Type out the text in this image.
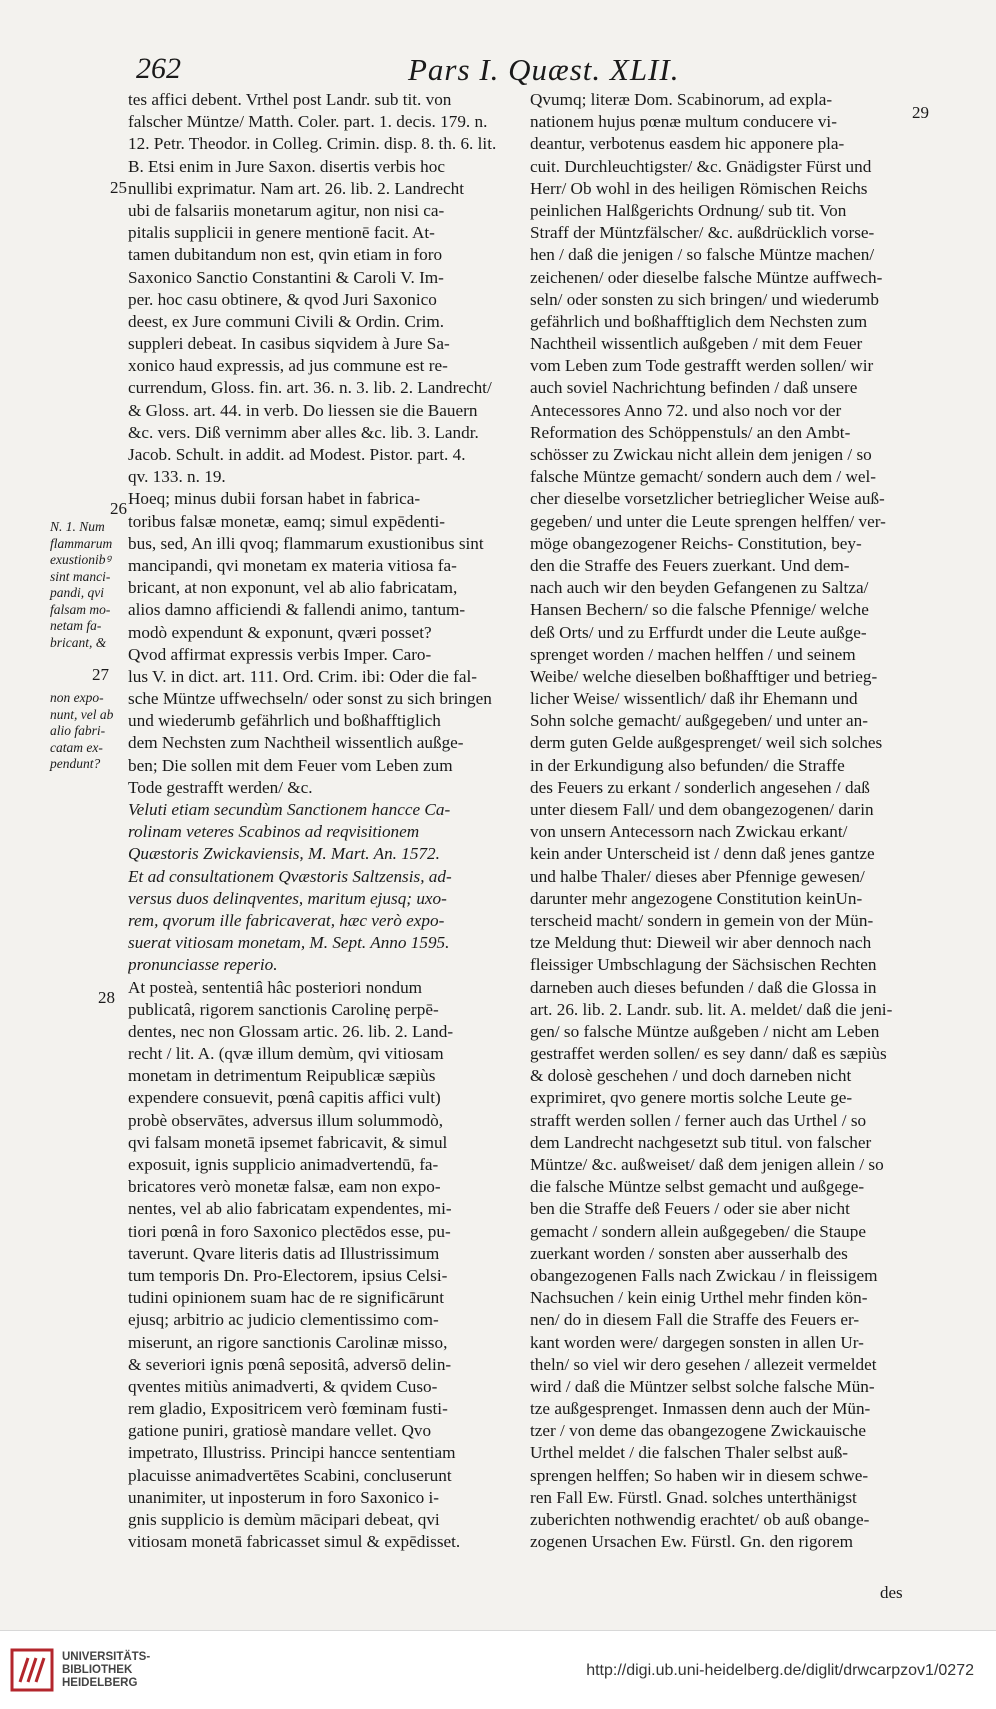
262	Pars I. Quæst. XLII.
tes affici debent. Vrthel post Landr. sub tit. von
falscher Müntze/ Matth. Coler. part. 1. decis. 179. n.
12. Petr. Theodor. in Colleg. Crimin. disp. 8. th. 6. lit.
B. Etsi enim in Jure Saxon. disertis verbis hoc
nullibi exprimatur. Nam art. 26. lib. 2. Landrecht
ubi de falsariis monetarum agitur, non nisi ca-
pitalis supplicii in genere mentionē facit. At-
tamen dubitandum non est, qvin etiam in foro
Saxonico Sanctio Constantini & Caroli V. Im-
per. hoc casu obtinere, & qvod Juri Saxonico
deest, ex Jure communi Civili & Ordin. Crim.
suppleri debeat. In casibus siqvidem à Jure Sa-
xonico haud expressis, ad jus commune est re-
currendum, Gloss. fin. art. 36. n. 3. lib. 2. Landrecht/
& Gloss. art. 44. in verb. Do liessen sie die Bauern
&c. vers. Diß vernimm aber alles &c. lib. 3. Landr.
Jacob. Schult. in addit. ad Modest. Pistor. part. 4.
qv. 133. n. 19.
Hoeq; minus dubii forsan habet in fabrica-
toribus falsæ monetæ, eamq; simul expēdenti-
bus, sed, An illi qvoq; flammarum exustionibus sint
mancipandi, qvi monetam ex materia vitiosa fa-
bricant, at non exponunt, vel ab alio fabricatam,
alios damno afficiendi & fallendi animo, tantum-
modò expendunt & exponunt, qværi posset?
Qvod affirmat expressis verbis Imper. Caro-
lus V. in dict. art. 111. Ord. Crim. ibi: Oder die fal-
sche Müntze uffwechseln/ oder sonst zu sich bringen
und wiederumb gefährlich und boßhafftiglich
dem Nechsten zum Nachtheil wissentlich außge-
ben; Die sollen mit dem Feuer vom Leben zum
Tode gestrafft werden/ &c.
Veluti etiam secundùm Sanctionem hancce Ca-
rolinam veteres Scabinos ad reqvisitionem
Quæstoris Zwickaviensis, M. Mart. An. 1572.
Et ad consultationem Qvæstoris Saltzensis, ad-
versus duos delinqventes, maritum ejusq; uxo-
rem, qvorum ille fabricaverat, hæc verò expo-
suerat vitiosam monetam, M. Sept. Anno 1595.
pronunciasse reperio.
At posteà, sententiâ hâc posteriori nondum
publicatâ, rigorem sanctionis Carolinę perpē-
dentes, nec non Glossam artic. 26. lib. 2. Land-
recht / lit. A. (qvæ illum demùm, qvi vitiosam
monetam in detrimentum Reipublicæ sæpiùs
expendere consuevit, pœnâ capitis affici vult)
probè observātes, adversus illum solummodò,
qvi falsam monetā ipsemet fabricavit, & simul
exposuit, ignis supplicio animadvertendū, fa-
bricatores verò monetæ falsæ, eam non expo-
nentes, vel ab alio fabricatam expendentes, mi-
tiori pœnâ in foro Saxonico plectēdos esse, pu-
taverunt. Qvare literis datis ad Illustrissimum
tum temporis Dn. Pro-Electorem, ipsius Celsi-
tudini opinionem suam hac de re significārunt
ejusq; arbitrio ac judicio clementissimo com-
miserunt, an rigore sanctionis Carolinæ misso,
& severiori ignis pœnâ sepositâ, adversō delin-
qventes mitiùs animadverti, & qvidem Cuso-
rem gladio, Expositricem verò fœminam fusti-
gatione puniri, gratiosè mandare vellet. Qvo
impetrato, Illustriss. Principi hancce sententiam
placuisse animadvertētes Scabini, concluserunt
unanimiter, ut inposterum in foro Saxonico i-
gnis supplicio is demùm mācipari debeat, qvi
vitiosam monetā fabricasset simul & expēdisset.
Qvumq; literæ Dom. Scabinorum, ad expla-
nationem hujus pœnæ multum conducere vi-
deantur, verbotenus easdem hic apponere pla-
cuit. Durchleuchtigster/ &c. Gnädigster Fürst und
Herr/ Ob wohl in des heiligen Römischen Reichs
peinlichen Halßgerichts Ordnung/ sub tit. Von
Straff der Müntzfälscher/ &c. außdrücklich vorse-
hen / daß die jenigen / so falsche Müntze machen/
zeichenen/ oder dieselbe falsche Müntze auffwech-
seln/ oder sonsten zu sich bringen/ und wiederumb
gefährlich und boßhafftiglich dem Nechsten zum
Nachtheil wissentlich außgeben / mit dem Feuer
vom Leben zum Tode gestrafft werden sollen/ wir
auch soviel Nachrichtung befinden / daß unsere
Antecessores Anno 72. und also noch vor der
Reformation des Schöppenstuls/ an den Ambt-
schösser zu Zwickau nicht allein dem jenigen / so
falsche Müntze gemacht/ sondern auch dem / wel-
cher dieselbe vorsetzlicher betrieglicher Weise auß-
gegeben/ und unter die Leute sprengen helffen/ ver-
möge obangezogener Reichs- Constitution, bey-
den die Straffe des Feuers zuerkant. Und dem-
nach auch wir den beyden Gefangenen zu Saltza/
Hansen Bechern/ so die falsche Pfennige/ welche
deß Orts/ und zu Erffurdt under die Leute außge-
sprenget worden / machen helffen / und seinem
Weibe/ welche dieselben boßhafftiger und betrieg-
licher Weise/ wissentlich/ daß ihr Ehemann und
Sohn solche gemacht/ außgegeben/ und unter an-
derm guten Gelde außgesprenget/ weil sich solches
in der Erkundigung also befunden/ die Straffe
des Feuers zu erkant / sonderlich angesehen / daß
unter diesem Fall/ und dem obangezogenen/ darin
von unsern Antecessorn nach Zwickau erkant/
kein ander Unterscheid ist / denn daß jenes gantze
und halbe Thaler/ dieses aber Pfennige gewesen/
darunter mehr angezogene Constitution keinUn-
terscheid macht/ sondern in gemein von der Mün-
tze Meldung thut: Dieweil wir aber dennoch nach
fleissiger Umbschlagung der Sächsischen Rechten
darneben auch dieses befunden / daß die Glossa in
art. 26. lib. 2. Landr. sub. lit. A. meldet/ daß die jeni-
gen/ so falsche Müntze außgeben / nicht am Leben
gestraffet werden sollen/ es sey dann/ daß es sæpiùs
& dolosè geschehen / und doch darneben nicht
exprimiret, qvo genere mortis solche Leute ge-
strafft werden sollen / ferner auch das Urthel / so
dem Landrecht nachgesetzt sub titul. von falscher
Müntze/ &c. außweiset/ daß dem jenigen allein / so
die falsche Müntze selbst gemacht und außgege-
ben die Straffe deß Feuers / oder sie aber nicht
gemacht / sondern allein außgegeben/ die Staupe
zuerkant worden / sonsten aber ausserhalb des
obangezogenen Falls nach Zwickau / in fleissigem
Nachsuchen / kein einig Urthel mehr finden kön-
nen/ do in diesem Fall die Straffe des Feuers er-
kant worden were/ dargegen sonsten in allen Ur-
theln/ so viel wir dero gesehen / allezeit vermeldet
wird / daß die Müntzer selbst solche falsche Mün-
tze außgesprenget. Inmassen denn auch der Mün-
tzer / von deme das obangezogene Zwickauische
Urthel meldet / die falschen Thaler selbst auß-
sprengen helffen; So haben wir in diesem schwe-
ren Fall Ew. Fürstl. Gnad. solches unterthänigst
zuberichten nothwendig erachtet/ ob auß obange-
zogenen Ursachen Ew. Fürstl. Gn. den rigorem
29
25
26
27
28
N. 1. Num
flammarum
exustionibꝰ
sint manci-
pandi, qvi
falsam mo-
netam fa-
bricant, &
non expo-
nunt, vel ab
alio fabri-
catam ex-
pendunt?
des
UNIVERSITÄTS-
BIBLIOTHEK
HEIDELBERG
http://digi.ub.uni-heidelberg.de/diglit/drwcarpzov1/0272
